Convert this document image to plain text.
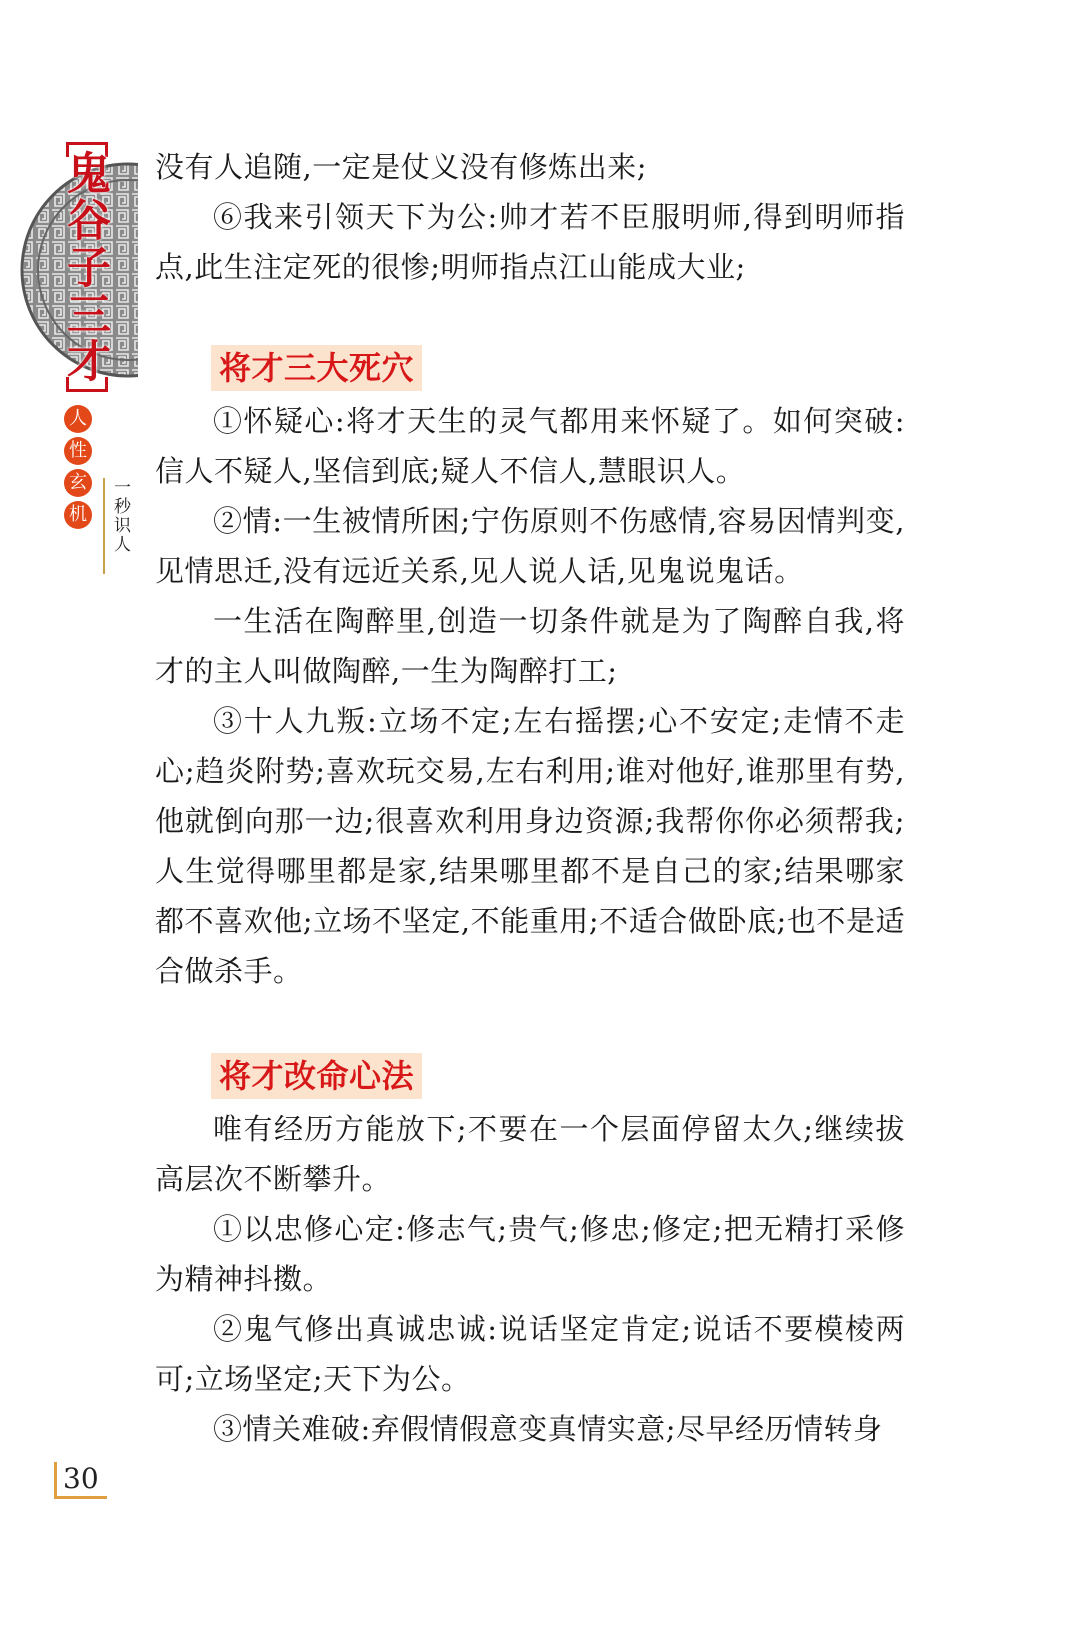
鬼谷子三才
人
性
玄
机 一秒识人

没有人追随,一定是仗义没有修炼出来;

⑥我来引领天下为公:帅才若不臣服明师,得到明师指点,此生注定死的很惨;明师指点江山能成大业;

将才三大死穴

①怀疑心:将才天生的灵气都用来怀疑了。如何突破:信人不疑人,坚信到底;疑人不信人,慧眼识人。

②情:一生被情所困;宁伤原则不伤感情,容易因情判变,见情思迁,没有远近关系,见人说人话,见鬼说鬼话。

一生活在陶醉里,创造一切条件就是为了陶醉自我,将才的主人叫做陶醉,一生为陶醉打工;

③十人九叛:立场不定;左右摇摆;心不安定;走情不走心;趋炎附势;喜欢玩交易,左右利用;谁对他好,谁那里有势,他就倒向那一边;很喜欢利用身边资源;我帮你你必须帮我;人生觉得哪里都是家,结果哪里都不是自己的家;结果哪家都不喜欢他;立场不坚定,不能重用;不适合做卧底;也不是适合做杀手。

将才改命心法

唯有经历方能放下;不要在一个层面停留太久;继续拔高层次不断攀升。

①以忠修心定:修志气;贵气;修忠;修定;把无精打采修为精神抖擞。

②鬼气修出真诚忠诚:说话坚定肯定;说话不要模棱两可;立场坚定;天下为公。

③情关难破:弃假情假意变真情实意;尽早经历情转身

30
